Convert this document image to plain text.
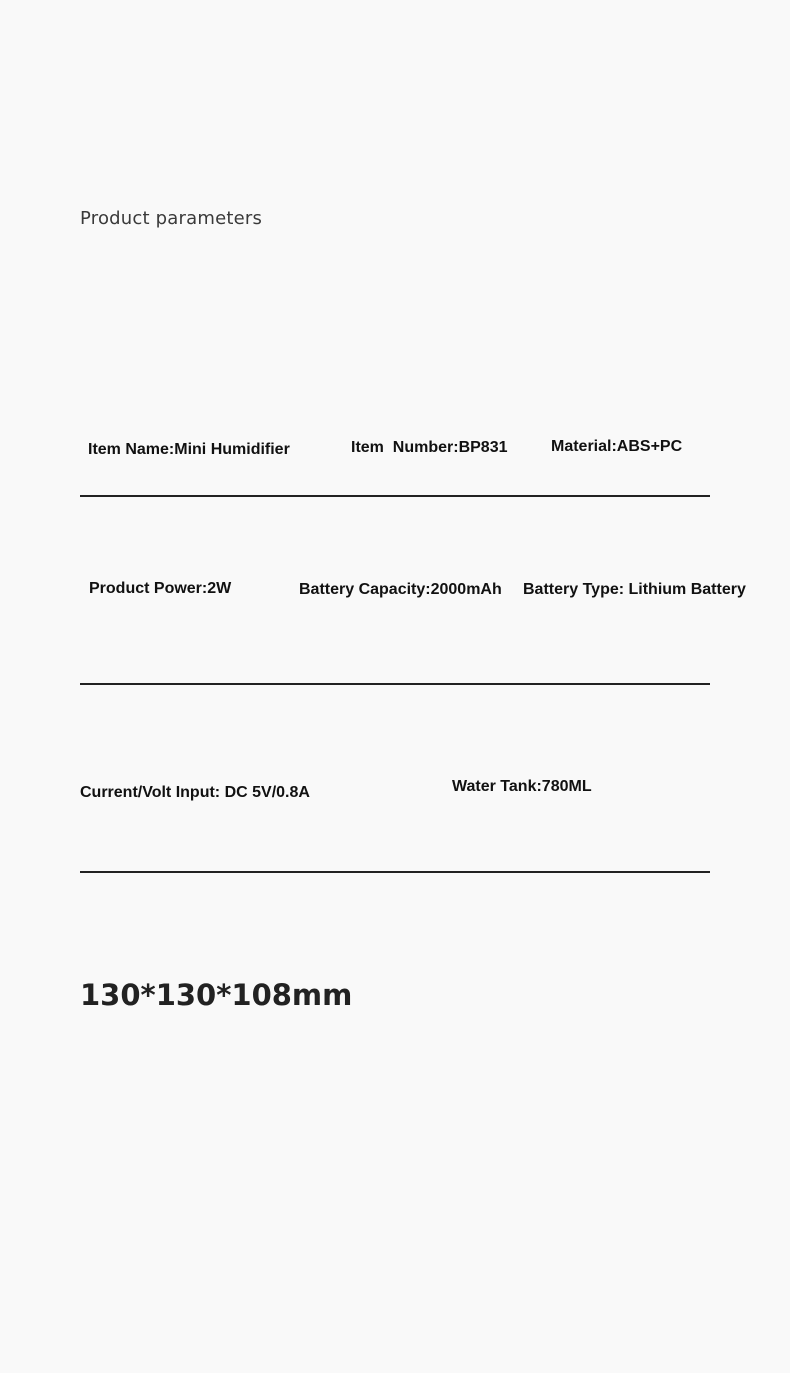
Product parameters
Item Name:Mini Humidifier	Item  Number:BP831	Material:ABS+PC
Product Power:2W	Battery Capacity:2000mAh Battery Type: Lithium Battery
Current/Volt Input: DC 5V/0.8A	Water Tank:780ML
130*130*108mm
